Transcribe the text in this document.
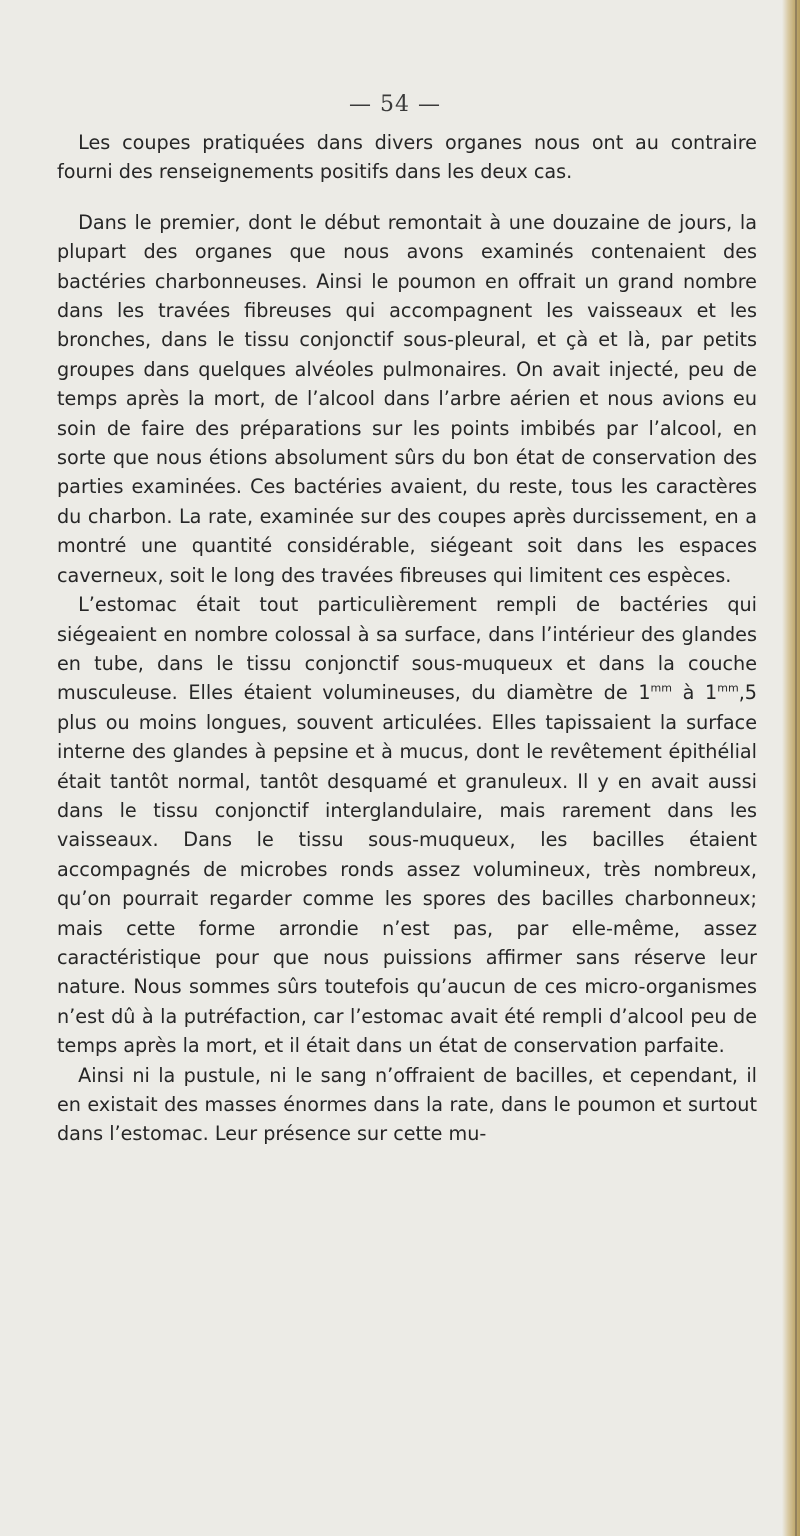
— 54 —

Les coupes pratiquées dans divers organes nous ont au contraire fourni des renseignements positifs dans les deux cas.

Dans le premier, dont le début remontait à une douzaine de jours, la plupart des organes que nous avons examinés contenaient des bactéries charbonneuses. Ainsi le poumon en offrait un grand nombre dans les travées fibreuses qui accompagnent les vaisseaux et les bronches, dans le tissu conjonctif sous-pleural, et çà et là, par petits groupes dans quelques alvéoles pulmonaires. On avait injecté, peu de temps après la mort, de l’alcool dans l’arbre aérien et nous avions eu soin de faire des préparations sur les points imbibés par l’alcool, en sorte que nous étions absolument sûrs du bon état de conservation des parties examinées. Ces bactéries avaient, du reste, tous les caractères du charbon. La rate, examinée sur des coupes après durcissement, en a montré une quantité considérable, siégeant soit dans les espaces caverneux, soit le long des travées fibreuses qui limitent ces espèces.

L’estomac était tout particulièrement rempli de bactéries qui siégeaient en nombre colossal à sa surface, dans l’intérieur des glandes en tube, dans le tissu conjonctif sous-muqueux et dans la couche musculeuse. Elles étaient volumineuses, du diamètre de $1^{mm}$ à $1^{mm},5$ plus ou moins longues, souvent articulées. Elles tapissaient la surface interne des glandes à pepsine et à mucus, dont le revêtement épithélial était tantôt normal, tantôt desquamé et granuleux. Il y en avait aussi dans le tissu conjonctif interglandulaire, mais rarement dans les vaisseaux. Dans le tissu sous-muqueux, les bacilles étaient accompagnés de microbes ronds assez volumineux, très nombreux, qu’on pourrait regarder comme les spores des bacilles charbonneux; mais cette forme arrondie n’est pas, par elle-même, assez caractéristique pour que nous puissions affirmer sans réserve leur nature. Nous sommes sûrs toutefois qu’aucun de ces micro-organismes n’est dû à la putréfaction, car l’estomac avait été rempli d’alcool peu de temps après la mort, et il était dans un état de conservation parfaite.

Ainsi ni la pustule, ni le sang n’offraient de bacilles, et cependant, il en existait des masses énormes dans la rate, dans le poumon et surtout dans l’estomac. Leur présence sur cette mu-
